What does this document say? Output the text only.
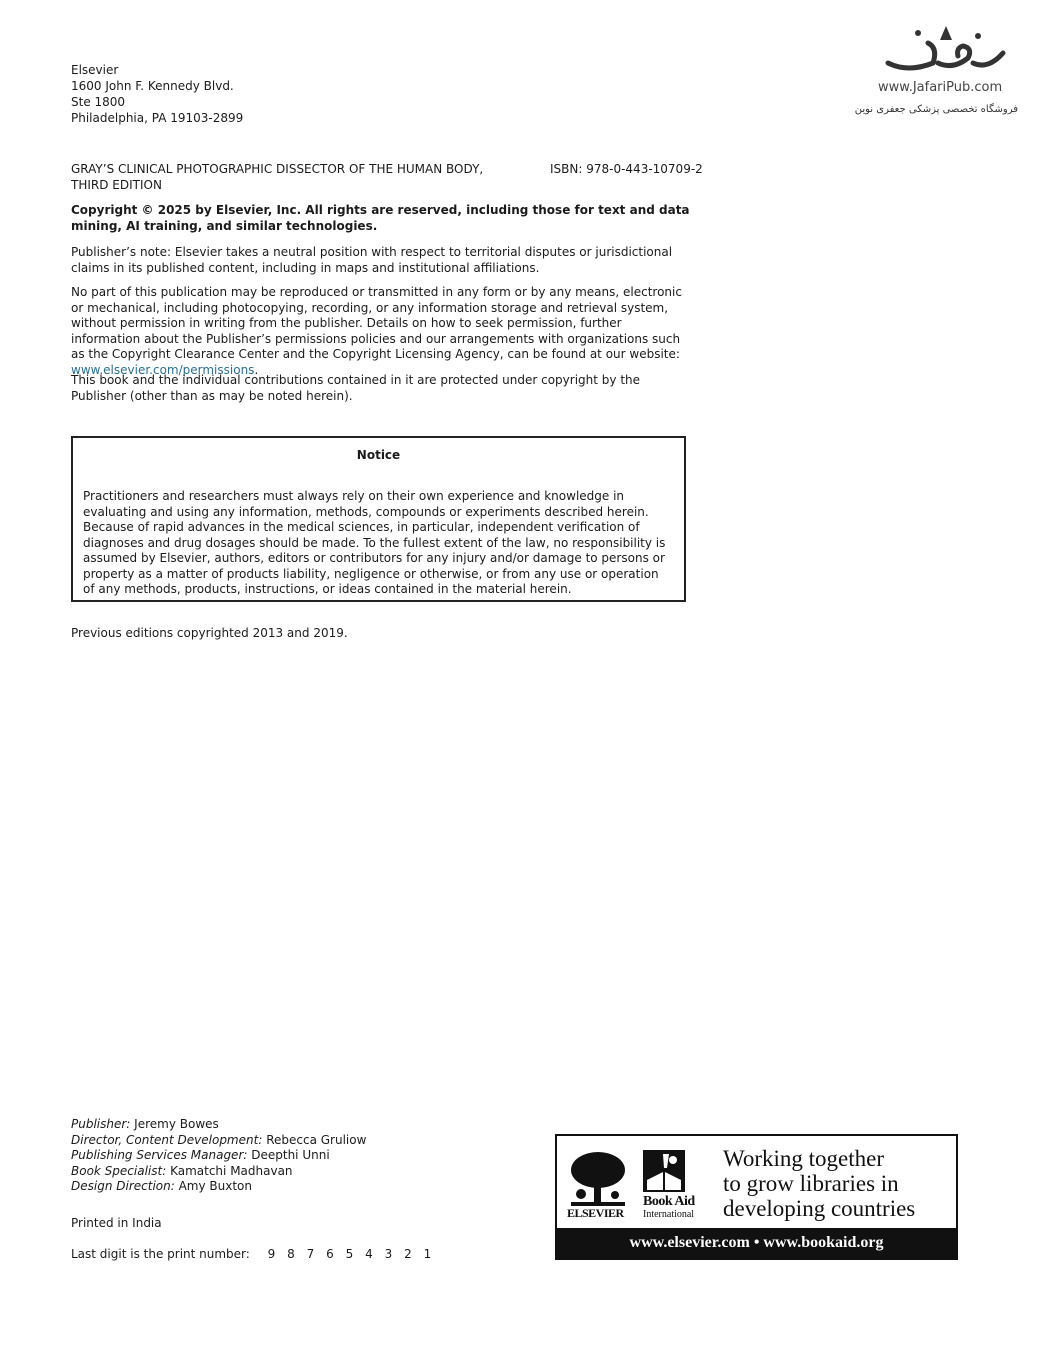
www.JafariPub.com
فروشگاه تخصصی پزشکی جعفری نوین
Elsevier
1600 John F. Kennedy Blvd.
Ste 1800
Philadelphia, PA 19103-2899
GRAY’S CLINICAL PHOTOGRAPHIC DISSECTOR OF THE HUMAN BODY,
THIRD EDITION
ISBN: 978-0-443-10709-2
Copyright © 2025 by Elsevier, Inc. All rights are reserved, including those for text and data mining, AI training, and similar technologies.
Publisher’s note: Elsevier takes a neutral position with respect to territorial disputes or jurisdictional claims in its published content, including in maps and institutional affiliations.
No part of this publication may be reproduced or transmitted in any form or by any means, electronic or mechanical, including photocopying, recording, or any information storage and retrieval system, without permission in writing from the publisher. Details on how to seek permission, further information about the Publisher’s permissions policies and our arrangements with organizations such as the Copyright Clearance Center and the Copyright Licensing Agency, can be found at our website: www.elsevier.com/permissions.
This book and the individual contributions contained in it are protected under copyright by the Publisher (other than as may be noted herein).
Notice
Practitioners and researchers must always rely on their own experience and knowledge in evaluating and using any information, methods, compounds or experiments described herein. Because of rapid advances in the medical sciences, in particular, independent verification of diagnoses and drug dosages should be made. To the fullest extent of the law, no responsibility is assumed by Elsevier, authors, editors or contributors for any injury and/or damage to persons or property as a matter of products liability, negligence or otherwise, or from any use or operation of any methods, products, instructions, or ideas contained in the material herein.
Previous editions copyrighted 2013 and 2019.
Publisher: Jeremy Bowes
Director, Content Development: Rebecca Gruliow
Publishing Services Manager: Deepthi Unni
Book Specialist: Kamatchi Madhavan
Design Direction: Amy Buxton
Printed in India
Last digit is the print number: 9 8 7 6 5 4 3 2 1
ELSEVIER
Book Aid
International
Working together
to grow libraries in
developing countries
www.elsevier.com • www.bookaid.org
